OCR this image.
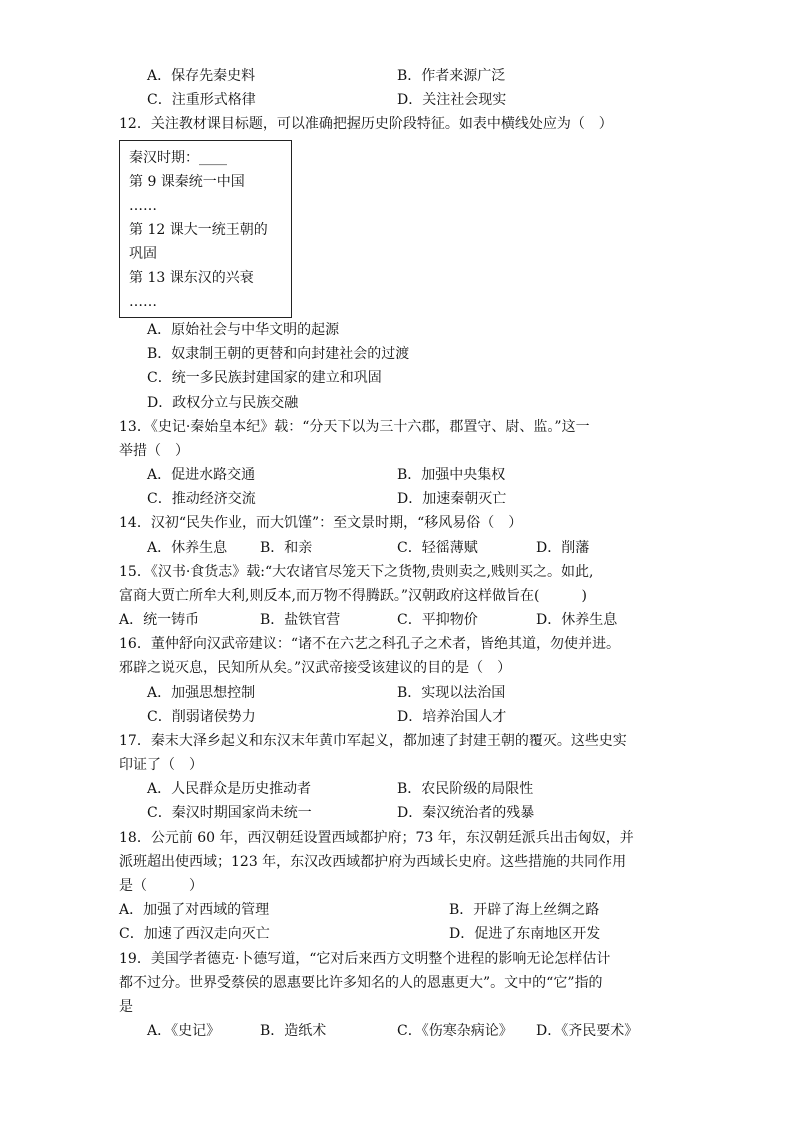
A．保存先秦史料	B．作者来源广泛
C．注重形式格律	D．关注社会现实
12．关注教材课目标题，可以准确把握历史阶段特征。如表中横线处应为（　）
秦汉时期：____
第 9 课秦统一中国
……
第 12 课大一统王朝的
巩固
第 13 课东汉的兴衰
……
A．原始社会与中华文明的起源
B．奴隶制王朝的更替和向封建社会的过渡
C．统一多民族封建国家的建立和巩固
D．政权分立与民族交融
13．《史记·秦始皇本纪》载：“分天下以为三十六郡，郡置守、尉、监。”这一
举措（　）
A．促进水路交通	B．加强中央集权
C．推动经济交流	D．加速秦朝灭亡
14．汉初“民失作业，而大饥馑”：至文景时期，“移风易俗（　）
A．休养生息 B．和亲	C．轻徭薄赋	D．削藩
15．《汉书·食货志》载:“大农诸官尽笼天下之货物,贵则卖之,贱则买之。如此,
富商大贾亡所牟大利,则反本,而万物不得腾跃。”汉朝政府这样做旨在(　　　)
A．统一铸币	B．盐铁官营	C．平抑物价	D．休养生息
16．董仲舒向汉武帝建议：“诸不在六艺之科孔子之术者，皆绝其道，勿使并进。
邪辟之说灭息，民知所从矣。”汉武帝接受该建议的目的是（　）
A．加强思想控制	B．实现以法治国
C．削弱诸侯势力	D．培养治国人才
17．秦末大泽乡起义和东汉末年黄巾军起义，都加速了封建王朝的覆灭。这些史实
印证了（　）
A．人民群众是历史推动者	B．农民阶级的局限性
C．秦汉时期国家尚未统一	D．秦汉统治者的残暴
18．公元前 60 年，西汉朝廷设置西域都护府；73 年，东汉朝廷派兵出击匈奴，并
派班超出使西域；123 年，东汉改西域都护府为西域长史府。这些措施的共同作用
是（　　　）
A．加强了对西域的管理	B．开辟了海上丝绸之路
C．加速了西汉走向灭亡	D．促进了东南地区开发
19．美国学者德克·卜德写道，“它对后来西方文明整个进程的影响无论怎样估计
都不过分。世界受蔡侯的恩惠要比许多知名的人的恩惠更大”。文中的“它”指的
是
A．《史记》	B．造纸术	C．《伤寒杂病论》 D．《齐民要术》
